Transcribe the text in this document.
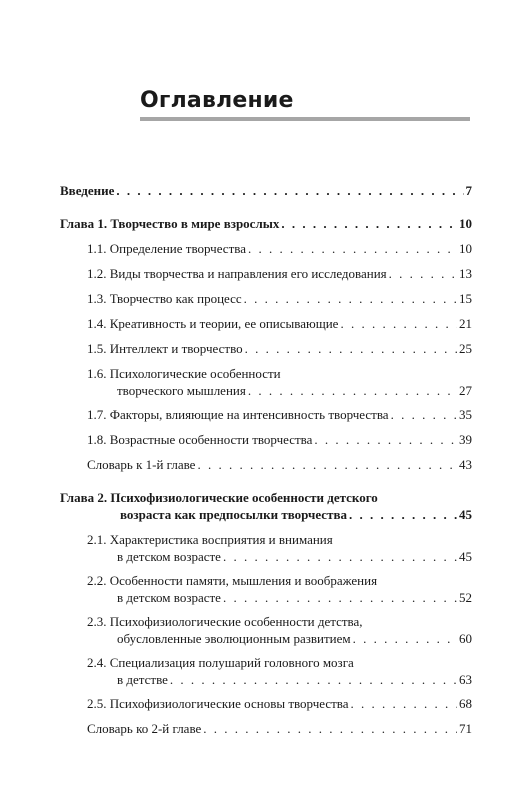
Оглавление
Введение . . .	7
Глава 1. Творчество в мире взрослых . . .	10
1.1. Определение творчества . . .	10
1.2. Виды творчества и направления его исследования . . .	13
1.3. Творчество как процесс . . .	15
1.4. Креативность и теории, ее описывающие . . .	21
1.5. Интеллект и творчество . . .	25
1.6. Психологические особенности
творческого мышления . . .	27
1.7. Факторы, влияющие на интенсивность творчества . . .	35
1.8. Возрастные особенности творчества . . .	39
Словарь к 1-й главе . . .	43
Глава 2. Психофизиологические особенности детского
возраста как предпосылки творчества . . .	45
2.1. Характеристика восприятия и внимания
в детском возрасте . . .	45
2.2. Особенности памяти, мышления и воображения
в детском возрасте . . .	52
2.3. Психофизиологические особенности детства,
обусловленные эволюционным развитием . . .	60
2.4. Специализация полушарий головного мозга
в детстве . . .	63
2.5. Психофизиологические основы творчества . . .	68
Словарь ко 2-й главе . . .	71
